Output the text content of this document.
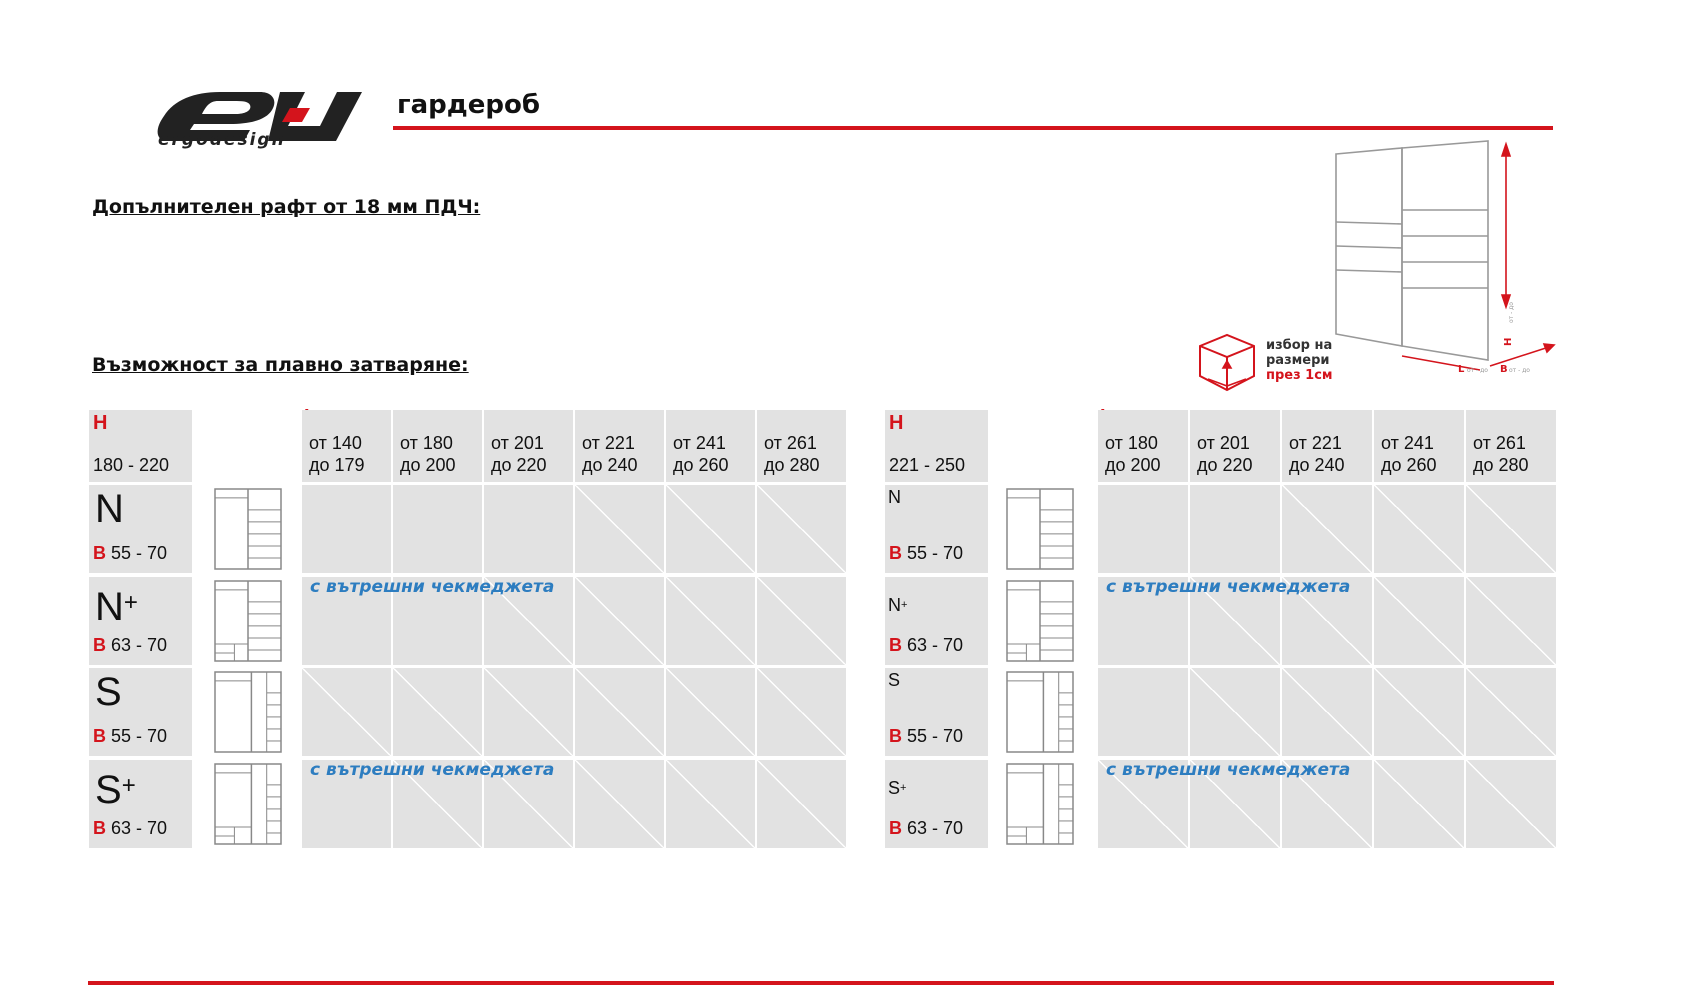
ergodesign
гардероб
Допълнителен рафт от 18 мм ПДЧ:
Възможност за плавно затваряне:
H
от - до
L от - до B от - до
избор на
размери
през 1см
H
180 - 220
от 140
до 179
от 180
до 200
от 201
до 220
от 221
до 240
от 241
до 260
от 261
до 280
N
B 55 - 70
N+
B 63 - 70
с вътрешни чекмеджета
S
B 55 - 70
S+
B 63 - 70
с вътрешни чекмеджета
H
221 - 250
от 180
до 200
от 201
до 220
от 221
до 240
от 241
до 260
от 261
до 280
N
B 55 - 70
N+
B 63 - 70
с вътрешни чекмеджета
S
B 55 - 70
S+
B 63 - 70
с вътрешни чекмеджета
